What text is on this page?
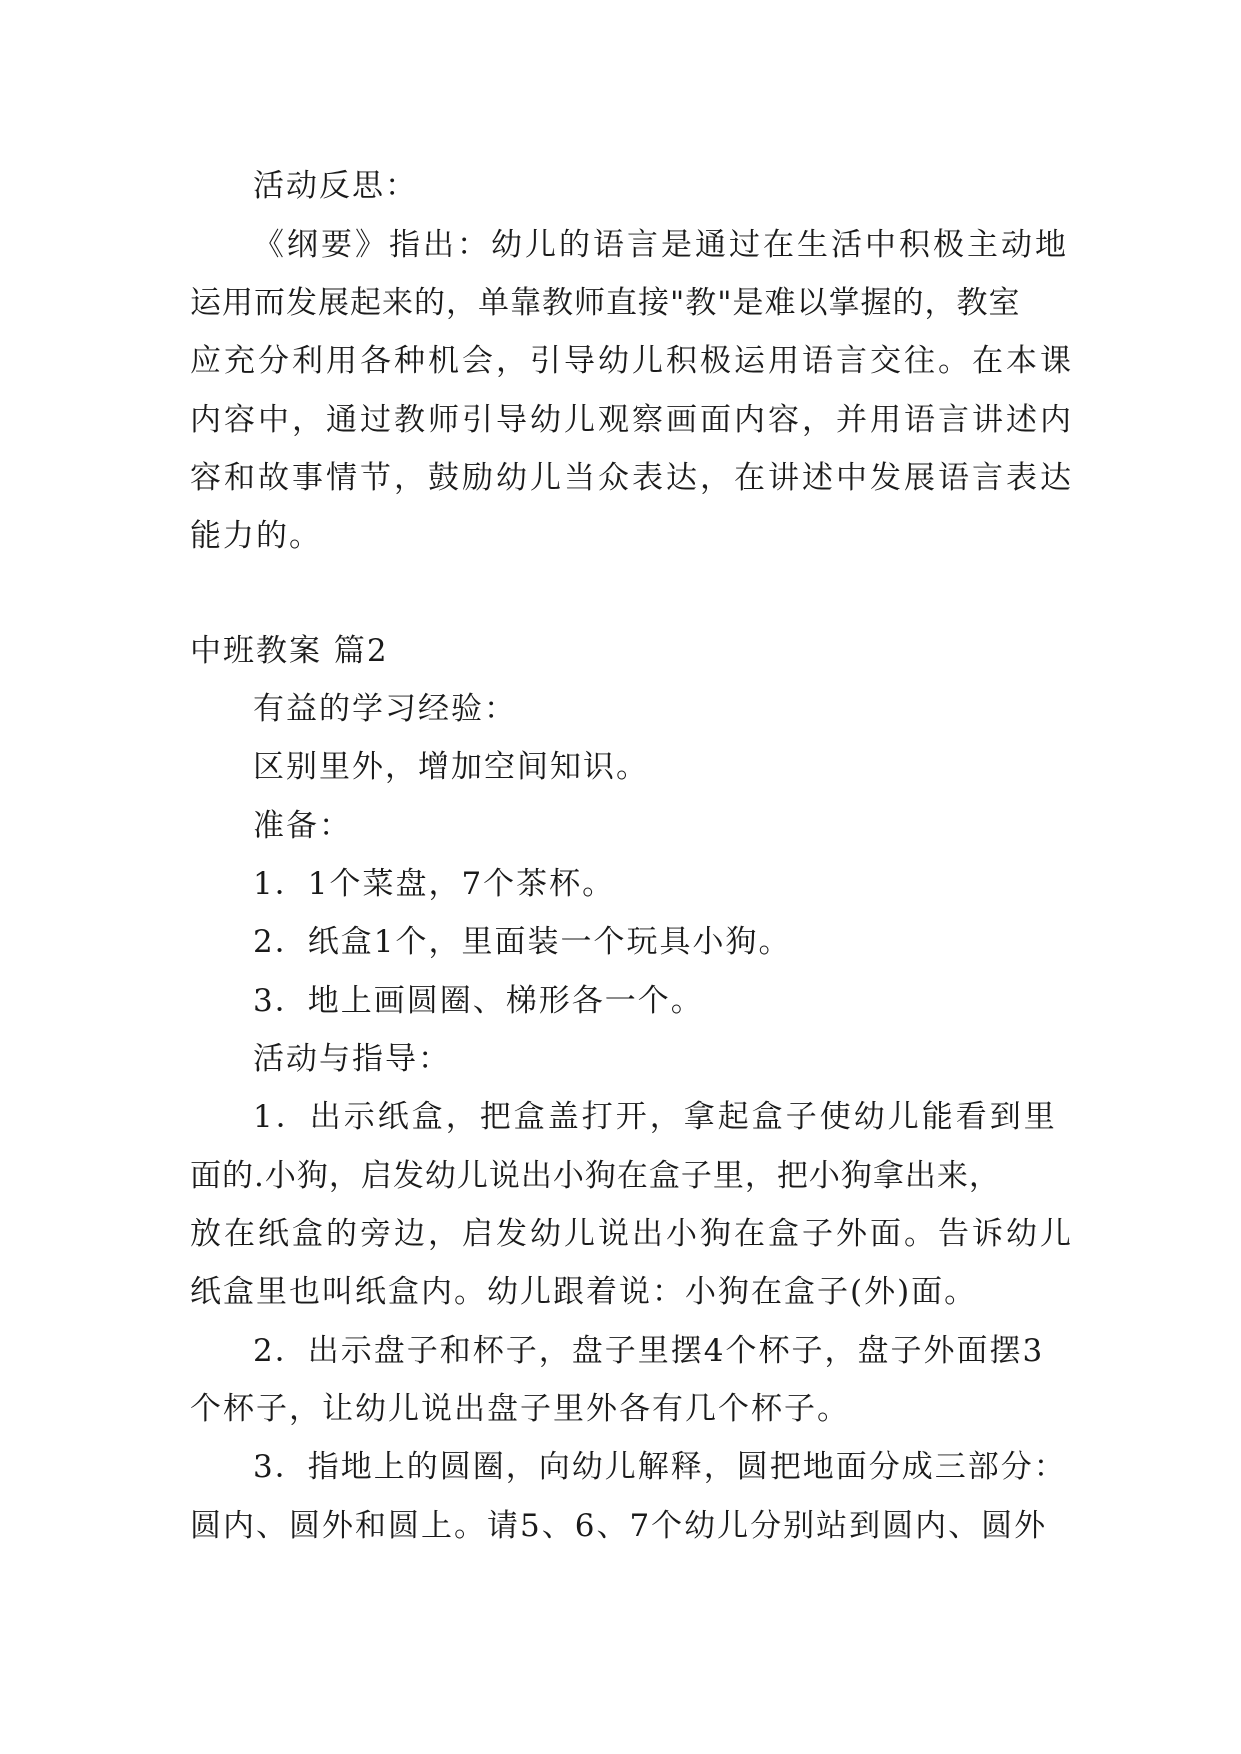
活动反思：
《纲要》指出：幼儿的语言是通过在生活中积极主动地
运用而发展起来的，单靠教师直接"教"是难以掌握的，教室
应充分利用各种机会，引导幼儿积极运用语言交往。在本课
内容中，通过教师引导幼儿观察画面内容，并用语言讲述内
容和故事情节，鼓励幼儿当众表达，在讲述中发展语言表达
能力的。
中班教案 篇2
有益的学习经验：
区别里外，增加空间知识。
准备：
1．1个菜盘，7个茶杯。
2．纸盒1个，里面装一个玩具小狗。
3．地上画圆圈、梯形各一个。
活动与指导：
1．出示纸盒，把盒盖打开，拿起盒子使幼儿能看到里
面的.小狗，启发幼儿说出小狗在盒子里，把小狗拿出来，
放在纸盒的旁边，启发幼儿说出小狗在盒子外面。告诉幼儿
纸盒里也叫纸盒内。幼儿跟着说：小狗在盒子(外)面。
2．出示盘子和杯子，盘子里摆4个杯子，盘子外面摆3
个杯子，让幼儿说出盘子里外各有几个杯子。
3．指地上的圆圈，向幼儿解释，圆把地面分成三部分：
圆内、圆外和圆上。请5、6、7个幼儿分别站到圆内、圆外
